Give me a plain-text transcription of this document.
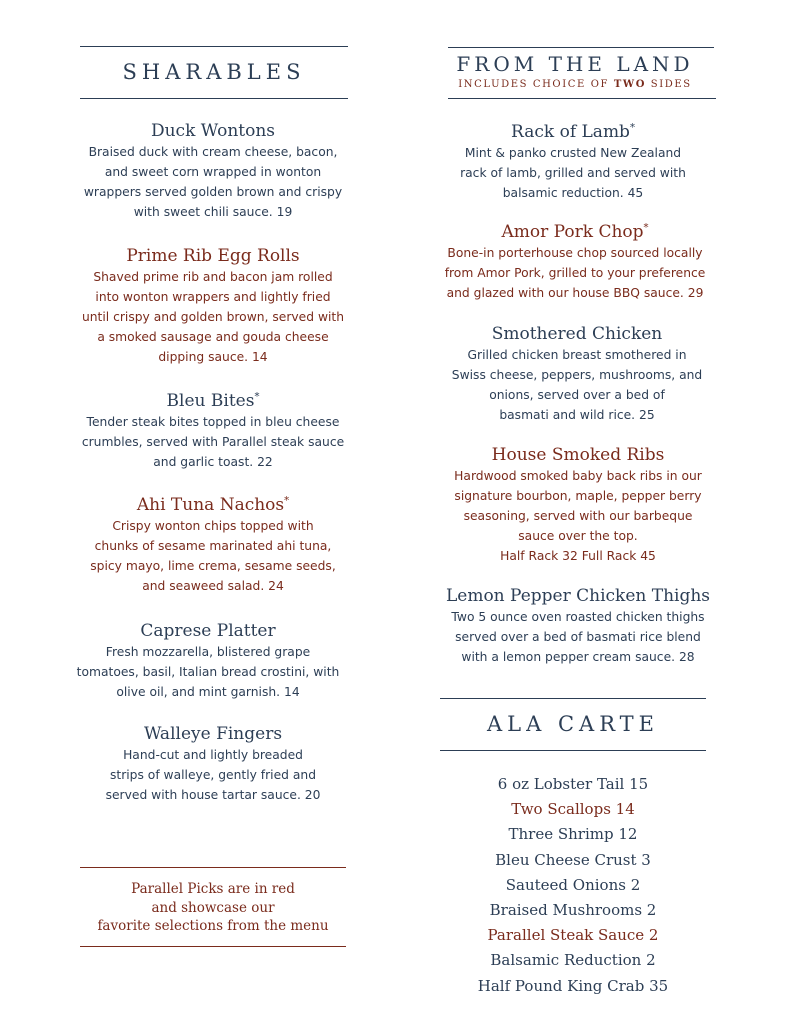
SHARABLES

Duck Wontons

Braised duck with cream cheese, bacon,
and sweet corn wrapped in wonton
wrappers served golden brown and crispy
with sweet chili sauce. 19

Prime Rib Egg Rolls

Shaved prime rib and bacon jam rolled
into wonton wrappers and lightly fried
until crispy and golden brown, served with
a smoked sausage and gouda cheese
dipping sauce. 14

Bleu Bites*

Tender steak bites topped in bleu cheese
crumbles, served with Parallel steak sauce
and garlic toast. 22

Ahi Tuna Nachos*

Crispy wonton chips topped with
chunks of sesame marinated ahi tuna,
spicy mayo, lime crema, sesame seeds,
and seaweed salad. 24

Caprese Platter

Fresh mozzarella, blistered grape
tomatoes, basil, Italian bread crostini, with
olive oil, and mint garnish. 14

Walleye Fingers

Hand-cut and lightly breaded
strips of walleye, gently fried and
served with house tartar sauce. 20

Parallel Picks are in red
and showcase our
favorite selections from the menu
FROM THE LAND
INCLUDES CHOICE OF TWO SIDES

Rack of Lamb*

Mint & panko crusted New Zealand
rack of lamb, grilled and served with
balsamic reduction. 45

Amor Pork Chop*

Bone-in porterhouse chop sourced locally
from Amor Pork, grilled to your preference
and glazed with our house BBQ sauce. 29

Smothered Chicken

Grilled chicken breast smothered in
Swiss cheese, peppers, mushrooms, and
onions, served over a bed of
basmati and wild rice. 25

House Smoked Ribs

Hardwood smoked baby back ribs in our
signature bourbon, maple, pepper berry
seasoning, served with our barbeque
sauce over the top.
Half Rack 32 Full Rack 45

Lemon Pepper Chicken Thighs

Two 5 ounce oven roasted chicken thighs
served over a bed of basmati rice blend
with a lemon pepper cream sauce. 28

ALA CARTE
6 oz Lobster Tail 15
Two Scallops 14
Three Shrimp 12
Bleu Cheese Crust 3
Sauteed Onions 2
Braised Mushrooms 2
Parallel Steak Sauce 2
Balsamic Reduction 2
Half Pound King Crab 35
